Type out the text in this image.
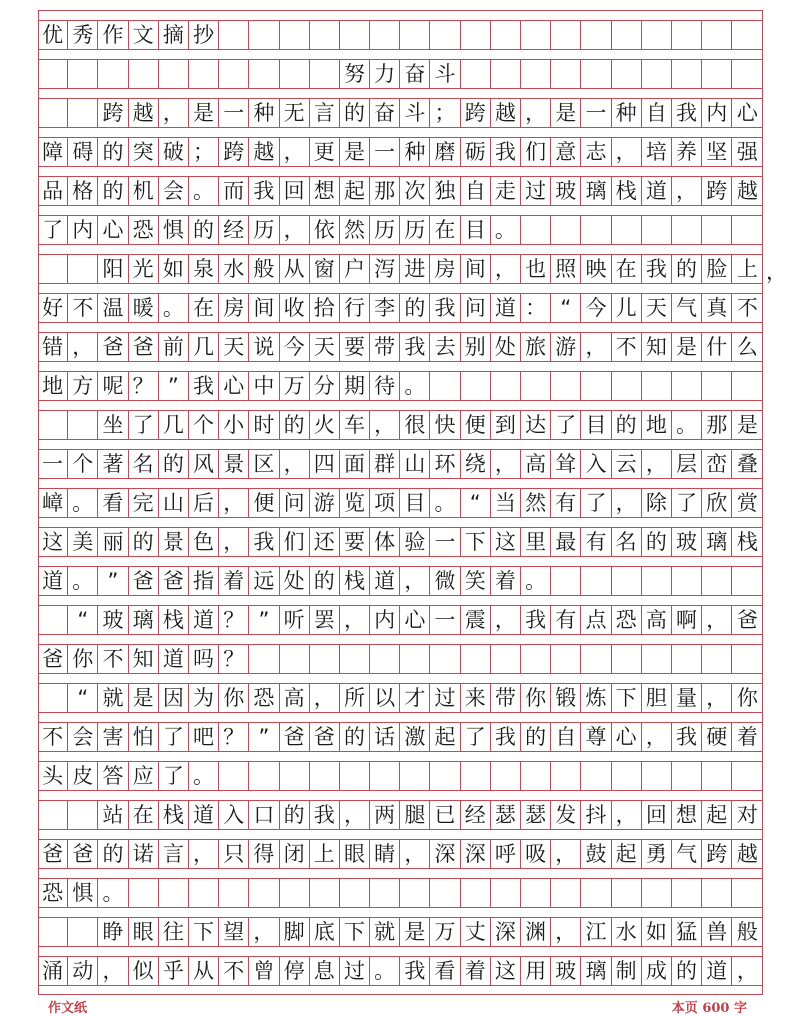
优 秀 作 文 摘 抄
努 力 奋 斗
跨 越 ， 是 一 种 无 言 的 奋 斗 ； 跨 越 ， 是 一 种 自 我 内 心
障 碍 的 突 破 ； 跨 越 ， 更 是 一 种 磨 砺 我 们 意 志 ， 培 养 坚 强
品 格 的 机 会 。 而 我 回 想 起 那 次 独 自 走 过 玻 璃 栈 道 ， 跨 越
了 内 心 恐 惧 的 经 历 ， 依 然 历 历 在 目 。
阳 光 如 泉 水 般 从 窗 户 泻 进 房 间 ， 也 照 映 在 我 的 脸 上
好 不 温 暖 。 在 房 间 收 拾 行 李 的 我 问 道 ： “ 今 儿 天 气 真 不
错 ， 爸 爸 前 几 天 说 今 天 要 带 我 去 别 处 旅 游 ， 不 知 是 什 么
地 方 呢 ？ ” 我 心 中 万 分 期 待 。
坐 了 几 个 小 时 的 火 车 ， 很 快 便 到 达 了 目 的 地 。 那 是
一 个 著 名 的 风 景 区 ， 四 面 群 山 环 绕 ， 高 耸 入 云 ， 层 峦 叠
嶂 。 看 完 山 后 ， 便 问 游 览 项 目 。 “ 当 然 有 了 ， 除 了 欣 赏
这 美 丽 的 景 色 ， 我 们 还 要 体 验 一 下 这 里 最 有 名 的 玻 璃 栈
道 。 ” 爸 爸 指 着 远 处 的 栈 道 ， 微 笑 着 。
“ 玻 璃 栈 道 ？ ” 听 罢 ， 内 心 一 震 ， 我 有 点 恐 高 啊 ， 爸
爸 你 不 知 道 吗 ？
“ 就 是 因 为 你 恐 高 ， 所 以 才 过 来 带 你 锻 炼 下 胆 量 ， 你
不 会 害 怕 了 吧 ？ ” 爸 爸 的 话 激 起 了 我 的 自 尊 心 ， 我 硬 着
头 皮 答 应 了 。
站 在 栈 道 入 口 的 我 ， 两 腿 已 经 瑟 瑟 发 抖 ， 回 想 起 对
爸 爸 的 诺 言 ， 只 得 闭 上 眼 睛 ， 深 深 呼 吸 ， 鼓 起 勇 气 跨 越
恐 惧 。
睁 眼 往 下 望 ， 脚 底 下 就 是 万 丈 深 渊 ， 江 水 如 猛 兽 般
涌 动 ， 似 乎 从 不 曾 停 息 过 。 我 看 着 这 用 玻 璃 制 成 的 道 ，
，
作文纸	本页 600 字
